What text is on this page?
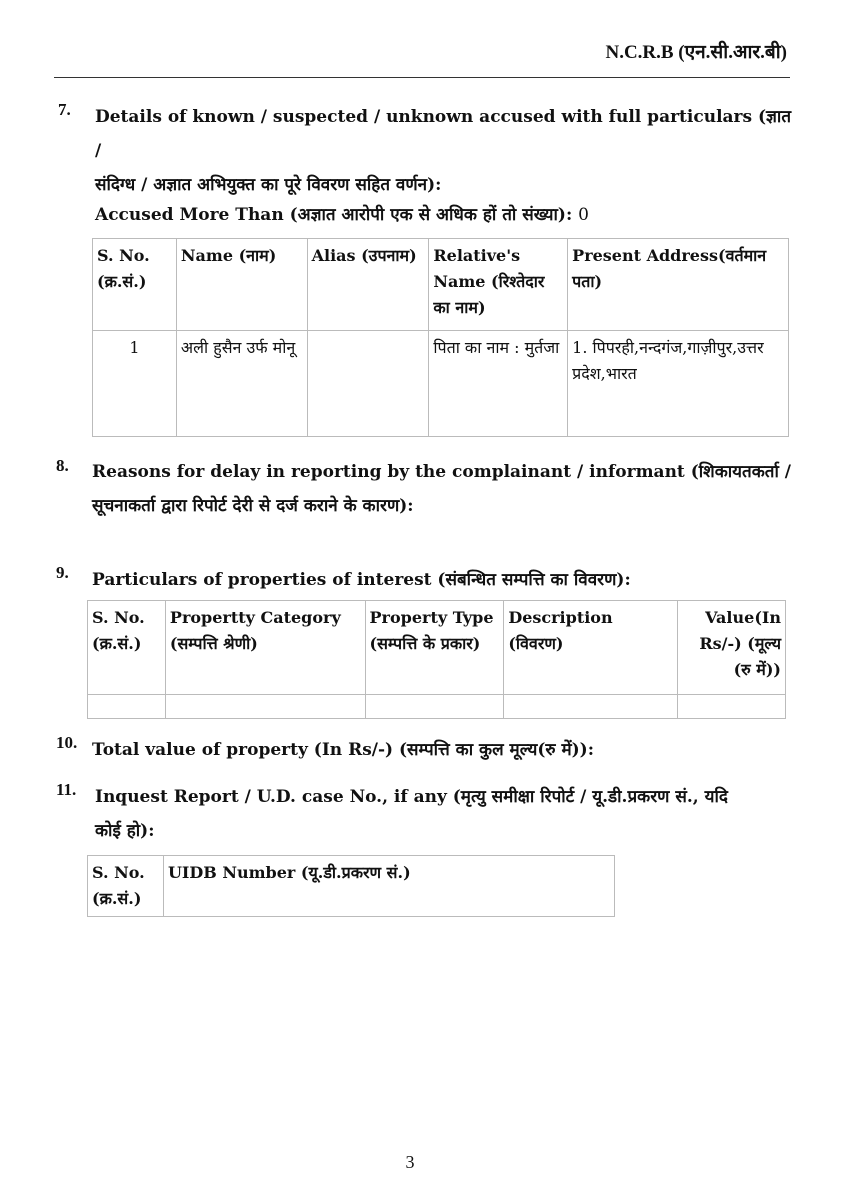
N.C.R.B (एन.सी.आर.बी)
7. Details of known / suspected / unknown accused with full particulars (ज्ञात /
संदिग्ध / अज्ञात अभियुक्त का पूरे विवरण सहित वर्णन):
Accused More Than (अज्ञात आरोपी एक से अधिक हों तो संख्या): 0
S. No. (क्र.सं.)	Name (नाम)	Alias (उपनाम)	Relative's Name (रिश्तेदार का नाम)	Present Address(वर्तमान पता)
1	अली हुसैन उर्फ मोनू		पिता का नाम : मुर्तजा	1. पिपरही,नन्दगंज,गाज़ीपुर,उत्तर प्रदेश,भारत
8. Reasons for delay in reporting by the complainant / informant (शिकायतकर्ता /
सूचनाकर्ता द्वारा रिपोर्ट देरी से दर्ज कराने के कारण):
9. Particulars of properties of interest (संबन्धित सम्पत्ति का विवरण):
S. No. (क्र.सं.)	Propertty Category (सम्पत्ति श्रेणी)	Property Type (सम्पत्ति के प्रकार)	Description (विवरण)	Value(In Rs/-) (मूल्य (रु में))

10. Total value of property (In Rs/-) (सम्पत्ति का कुल मूल्य(रु में)):
11. Inquest Report / U.D. case No., if any (मृत्यु समीक्षा रिपोर्ट / यू.डी.प्रकरण सं., यदि
कोई हो):
S. No. (क्र.सं.)	UIDB Number (यू.डी.प्रकरण सं.)
3
